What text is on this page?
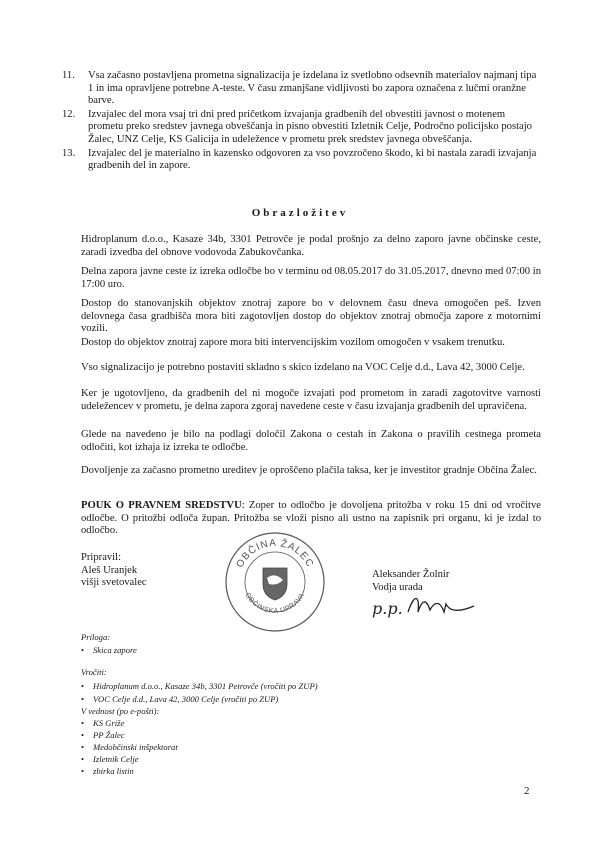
11. Vsa začasno postavljena prometna signalizacija je izdelana iz svetlobno odsevnih materialov najmanj tipa 1 in ima opravljene potrebne A-teste. V času zmanjšane vidljivosti bo zapora označena z lučmi oranžne barve.
12. Izvajalec del mora vsaj tri dni pred pričetkom izvajanja gradbenih del obvestiti javnost o motenem prometu preko sredstev javnega obveščanja in pisno obvestiti Izletnik Celje, Področno policijsko postajo Žalec, UNZ Celje, KS Galicija in udeležence v prometu prek sredstev javnega obveščanja.
13. Izvajalec del je materialno in kazensko odgovoren za vso povzročeno škodo, ki bi nastala zaradi izvajanja gradbenih del in zapore.
Obrazložitev

Hidroplanum d.o.o., Kasaze 34b, 3301 Petrovče je podal prošnjo za delno zaporo javne občinske ceste, zaradi izvedba del obnove vodovoda Zabukovčanka.

Delna zapora javne ceste iz izreka odločbe bo v terminu od 08.05.2017 do 31.05.2017, dnevno med 07:00 in 17:00 uro.

Dostop do stanovanjskih objektov znotraj zapore bo v delovnem času dneva omogočen peš. Izven delovnega časa gradbišča mora biti zagotovljen dostop do objektov znotraj območja zapore z motornimi vozili.

Dostop do objektov znotraj zapore mora biti intervencijskim vozilom omogočen v vsakem trenutku.

Vso signalizacijo je potrebno postaviti skladno s skico izdelano na VOC Celje d.d., Lava 42, 3000 Celje.

Ker je ugotovljeno, da gradbenih del ni mogoče izvajati pod prometom in zaradi zagotovitve varnosti udeležencev v prometu, je delna zapora zgoraj navedene ceste v času izvajanja gradbenih del upravičena.

Glede na navedeno je bilo na podlagi določil Zakona o cestah in Zakona o pravilih cestnega prometa odločiti, kot izhaja iz izreka te odločbe.

Dovoljenje za začasno prometno ureditev je oproščeno plačila taksa, ker je investitor gradnje Občina Žalec.

POUK O PRAVNEM SREDSTVU: Zoper to odločbo je dovoljena pritožba v roku 15 dni od vročitve odločbe. O pritožbi odloča župan. Pritožba se vloži pisno ali ustno na zapisnik pri organu, ki je izdal to odločbo.

Pripravil:
Aleš Uranjek
višji svetovalec
OBČINA ŽALEC
OBČINSKA UPRAVA
Aleksander Žolnir
Vodja urada
p.p.
Priloga:
• Skica zapore
Vročiti:
• Hidroplanum d.o.o., Kasaze 34b, 3301 Petrovče (vročiti po ZUP)
• VOC Celje d.d., Lava 42, 3000 Celje (vročiti po ZUP)
V vednost (po e-pošti):
• KS Griže
• PP Žalec
• Medobčinski inšpektorat
• Izletnik Celje
• zbirka listin
2
